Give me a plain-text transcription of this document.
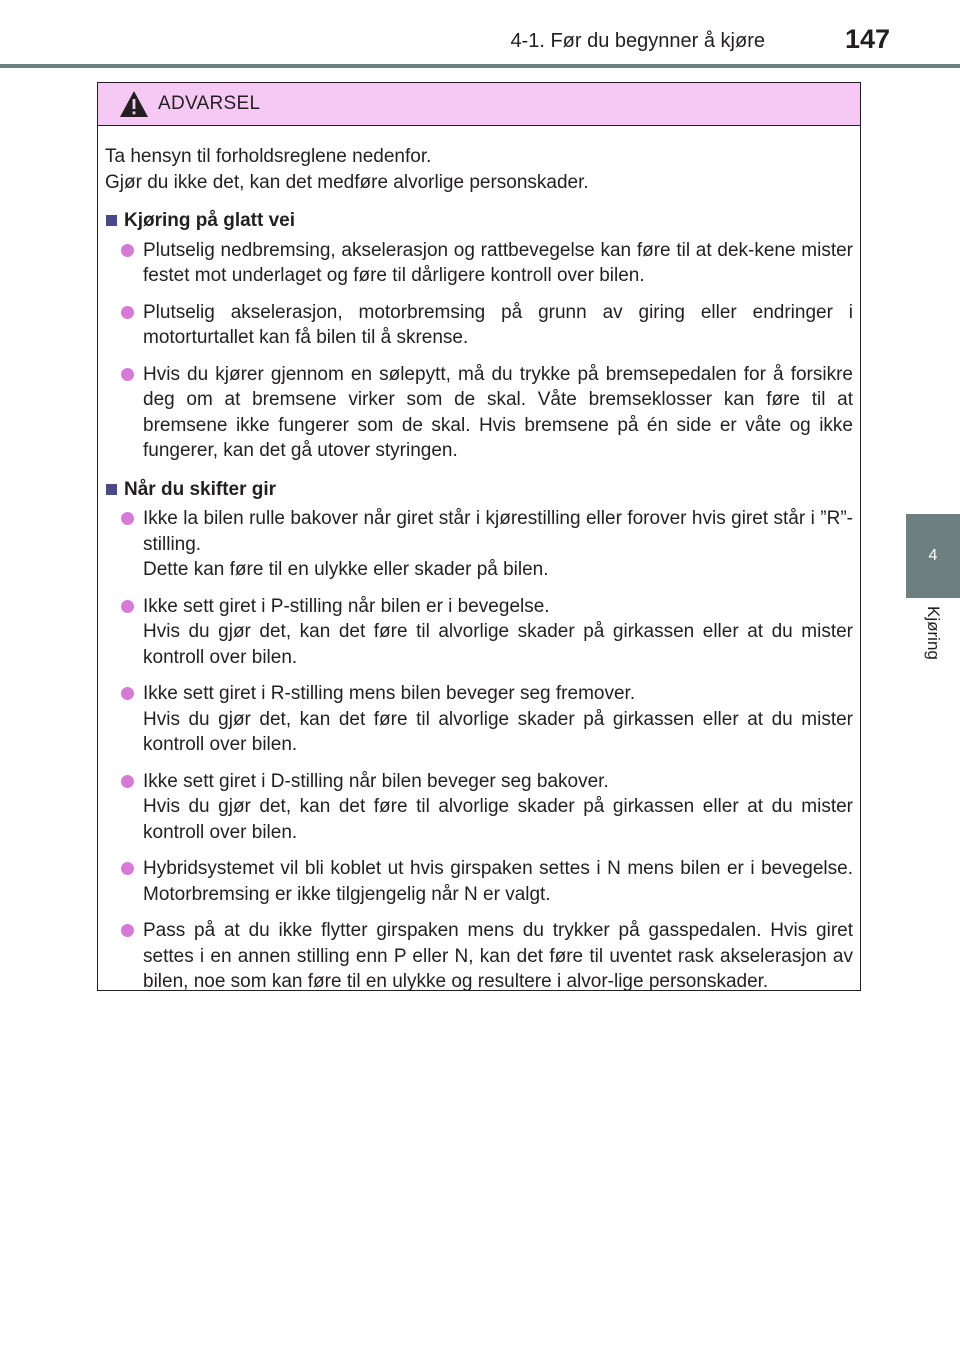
4-1. Før du begynner å kjøre	147
4
Kjøring
ADVARSEL

Ta hensyn til forholdsreglene nedenfor.

Gjør du ikke det, kan det medføre alvorlige personskader.

Kjøring på glatt vei

Plutselig nedbremsing, akselerasjon og rattbevegelse kan føre til at dek-kene mister festet mot underlaget og føre til dårligere kontroll over bilen.

Plutselig akselerasjon, motorbremsing på grunn av giring eller endringer i motorturtallet kan få bilen til å skrense.

Hvis du kjører gjennom en sølepytt, må du trykke på bremsepedalen for å forsikre deg om at bremsene virker som de skal. Våte bremseklosser kan føre til at bremsene ikke fungerer som de skal. Hvis bremsene på én side er våte og ikke fungerer, kan det gå utover styringen.

Når du skifter gir

Ikke la bilen rulle bakover når giret står i kjørestilling eller forover hvis giret står i ”R”-stilling.

Dette kan føre til en ulykke eller skader på bilen.

Ikke sett giret i P-stilling når bilen er i bevegelse.

Hvis du gjør det, kan det føre til alvorlige skader på girkassen eller at du mister kontroll over bilen.

Ikke sett giret i R-stilling mens bilen beveger seg fremover.

Hvis du gjør det, kan det føre til alvorlige skader på girkassen eller at du mister kontroll over bilen.

Ikke sett giret i D-stilling når bilen beveger seg bakover.

Hvis du gjør det, kan det føre til alvorlige skader på girkassen eller at du mister kontroll over bilen.

Hybridsystemet vil bli koblet ut hvis girspaken settes i N mens bilen er i bevegelse. Motorbremsing er ikke tilgjengelig når N er valgt.

Pass på at du ikke flytter girspaken mens du trykker på gasspedalen. Hvis giret settes i en annen stilling enn P eller N, kan det føre til uventet rask akselerasjon av bilen, noe som kan føre til en ulykke og resultere i alvor-lige personskader.
